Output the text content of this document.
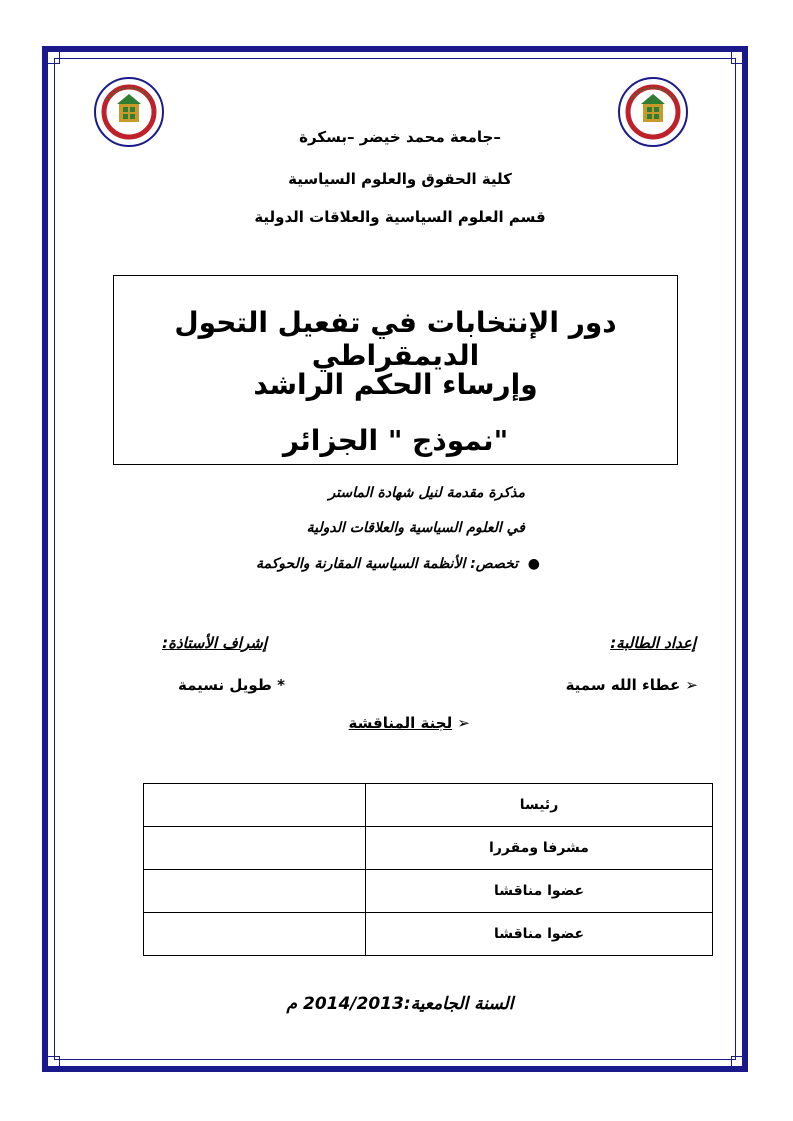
جامعة محمد خيضر –بسكرة–
كلية الحقوق والعلوم السياسية
قسم العلوم السياسية والعلاقات الدولية
دور الإنتخابات في تفعيل التحول الديمقراطي
وإرساء الحكم الراشد
نموذج " الجزائر"
مذكرة مقدمة لنيل شهادة الماستر
في العلوم السياسية والعلاقات الدولية
●  تخصص: الأنظمة السياسية المقارنة والحوكمة
إعداد الطالبة:
إشراف الأستاذة:
➢ عطاء الله سمية
* طويل نسيمة
➢ لجنة المناقشة
	رئيسا
	مشرفا ومقررا
	عضوا مناقشا
	عضوا مناقشا
السنة الجامعية:2014/2013 م
